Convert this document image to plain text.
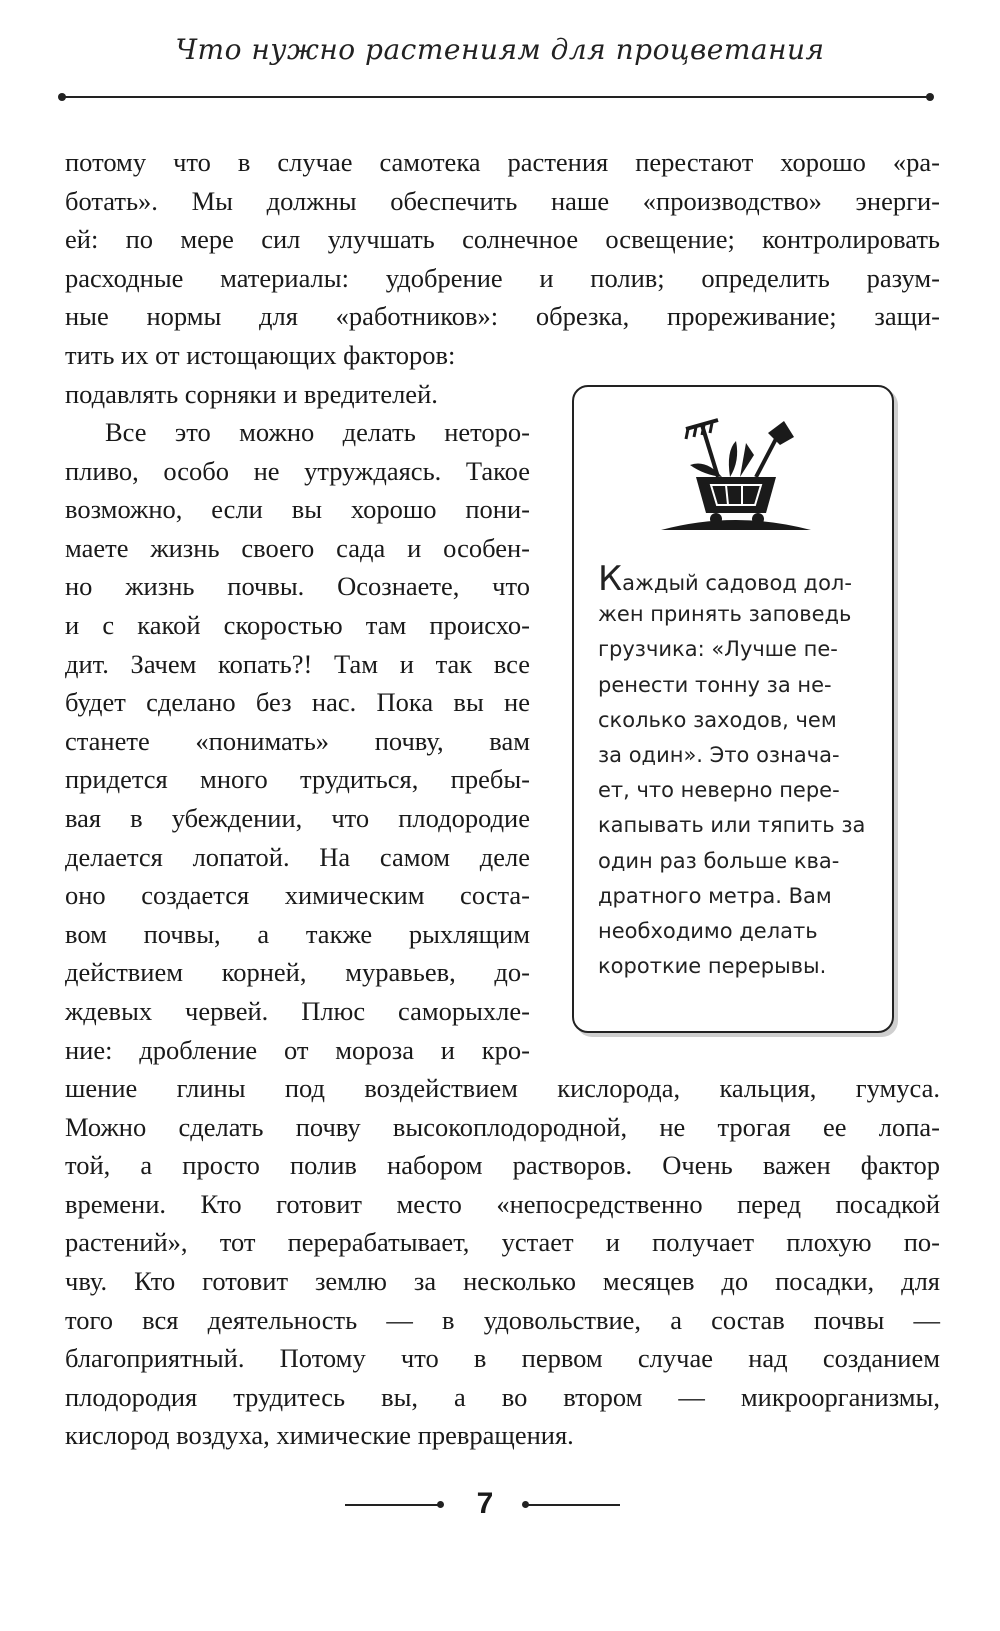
Что нужно растениям для процветания
потому что в случае самотека растения перестают хорошо «ра-
ботать». Мы должны обеспечить наше «производство» энерги-
ей: по мере сил улучшать солнечное освещение; контролировать
расходные материалы: удобрение и полив; определить разум-
ные нормы для «работников»: обрезка, прореживание; защи-
тить их от истощающих факторов:
подавлять сорняки и вредителей.
Все это можно делать неторо-
пливо, особо не утруждаясь. Такое
возможно, если вы хорошо пони-
маете жизнь своего сада и особен-
но жизнь почвы. Осознаете, что
и с какой скоростью там происхо-
дит. Зачем копать?! Там и так все
будет сделано без нас. Пока вы не
станете «понимать» почву, вам
придется много трудиться, пребы-
вая в убеждении, что плодородие
делается лопатой. На самом деле
оно создается химическим соста-
вом почвы, а также рыхлящим
действием корней, муравьев, до-
ждевых червей. Плюс саморыхле-
ние: дробление от мороза и кро-
Каждый садовод дол-
жен принять заповедь
грузчика: «Лучше пе-
ренести тонну за не-
сколько заходов, чем
за один». Это означа-
ет, что неверно пере-
капывать или тяпить за
один раз больше ква-
дратного метра. Вам
необходимо делать
короткие перерывы.
шение глины под воздействием кислорода, кальция, гумуса.
Можно сделать почву высокоплодородной, не трогая ее лопа-
той, а просто полив набором растворов. Очень важен фактор
времени. Кто готовит место «непосредственно перед посадкой
растений», тот перерабатывает, устает и получает плохую по-
чву. Кто готовит землю за несколько месяцев до посадки, для
того вся деятельность — в удовольствие, а состав почвы —
благоприятный. Потому что в первом случае над созданием
плодородия трудитесь вы, а во втором — микроорганизмы,
кислород воздуха, химические превращения.
7
